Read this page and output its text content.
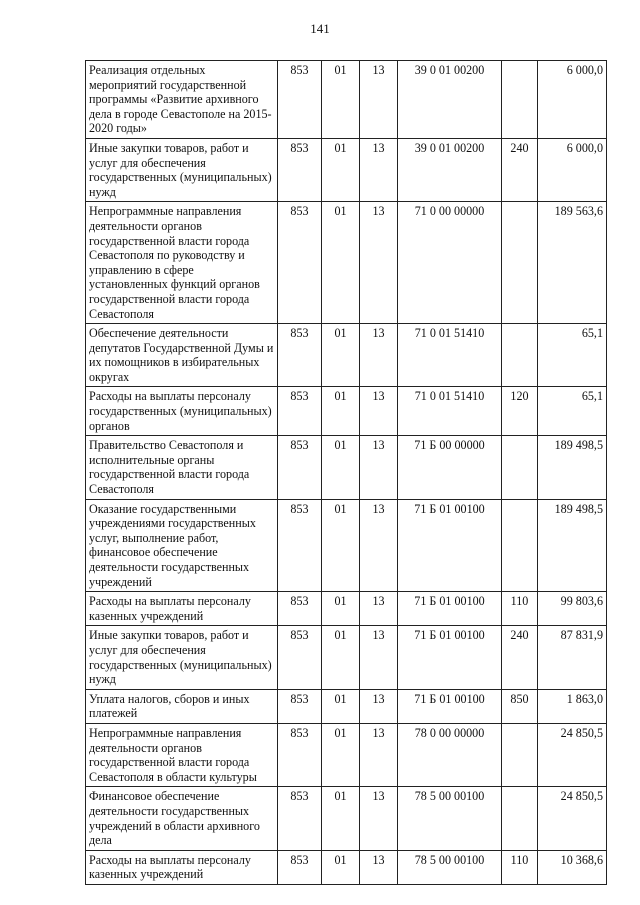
141
Реализация отдельных мероприятий государственной программы «Развитие архивного дела в городе Севастополе на 2015-2020 годы»	853	01	13	39 0 01 00200		6 000,0
Иные закупки товаров, работ и услуг для обеспечения государственных (муниципальных) нужд	853	01	13	39 0 01 00200	240	6 000,0
Непрограммные направления деятельности органов государственной власти города Севастополя по руководству и управлению в сфере установленных функций органов государственной власти города Севастополя	853	01	13	71 0 00 00000		189 563,6
Обеспечение деятельности депутатов Государственной Думы и их помощников в избирательных округах	853	01	13	71 0 01 51410		65,1
Расходы на выплаты персоналу государственных (муниципальных) органов	853	01	13	71 0 01 51410	120	65,1
Правительство Севастополя и исполнительные органы государственной власти города Севастополя	853	01	13	71 Б 00 00000		189 498,5
Оказание государственными учреждениями государственных услуг, выполнение работ, финансовое обеспечение деятельности государственных учреждений	853	01	13	71 Б 01 00100		189 498,5
Расходы на выплаты персоналу казенных учреждений	853	01	13	71 Б 01 00100	110	99 803,6
Иные закупки товаров, работ и услуг для обеспечения государственных (муниципальных) нужд	853	01	13	71 Б 01 00100	240	87 831,9
Уплата налогов, сборов и иных платежей	853	01	13	71 Б 01 00100	850	1 863,0
Непрограммные направления деятельности органов государственной власти города Севастополя в области культуры	853	01	13	78 0 00 00000		24 850,5
Финансовое обеспечение деятельности государственных учреждений в области архивного дела	853	01	13	78 5 00 00100		24 850,5
Расходы на выплаты персоналу казенных учреждений	853	01	13	78 5 00 00100	110	10 368,6
